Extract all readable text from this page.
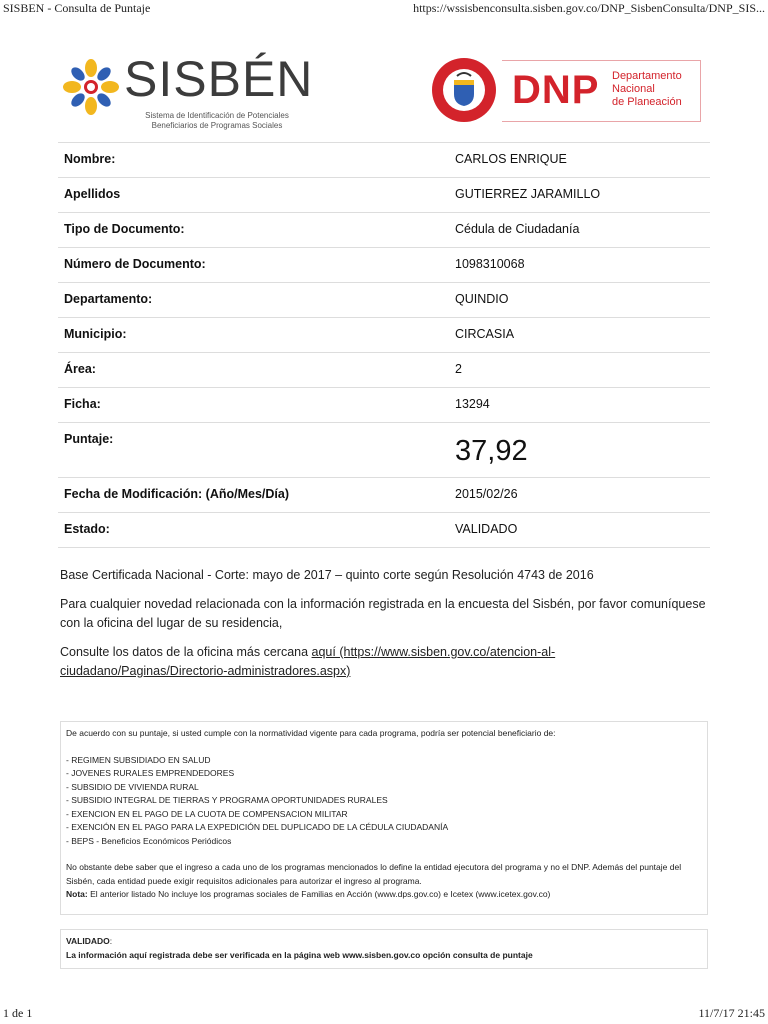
SISBEN - Consulta de Puntaje	https://wssisbenconsulta.sisben.gov.co/DNP_SisbenConsulta/DNP_SIS...
SISBÉN
Sistema de Identificación de Potenciales Beneficiarios de Programas Sociales
DNP Departamento
Nacional
de Planeación
Nombre:	CARLOS ENRIQUE
Apellidos	GUTIERREZ JARAMILLO
Tipo de Documento:	Cédula de Ciudadanía
Número de Documento:	1098310068
Departamento:	QUINDIO
Municipio:	CIRCASIA
Área:	2
Ficha:	13294
Puntaje:	37,92
Fecha de Modificación: (Año/Mes/Día)	2015/02/26
Estado:	VALIDADO
Base Certificada Nacional - Corte: mayo de 2017 – quinto corte según Resolución 4743 de 2016
Para cualquier novedad relacionada con la información registrada en la encuesta del Sisbén, por favor comuníquese con la oficina del lugar de su residencia,
Consulte los datos de la oficina más cercana aquí (https://www.sisben.gov.co/atencion-al-ciudadano/Paginas/Directorio-administradores.aspx)
De acuerdo con su puntaje, si usted cumple con la normatividad vigente para cada programa, podría ser potencial beneficiario de:
- REGIMEN SUBSIDIADO EN SALUD
- JOVENES RURALES EMPRENDEDORES
- SUBSIDIO DE VIVIENDA RURAL
- SUBSIDIO INTEGRAL DE TIERRAS Y PROGRAMA OPORTUNIDADES RURALES
- EXENCION EN EL PAGO DE LA CUOTA DE COMPENSACION MILITAR
- EXENCIÓN EN EL PAGO PARA LA EXPEDICIÓN DEL DUPLICADO DE LA CÉDULA CIUDADANÍA
- BEPS - Beneficios Económicos Periódicos
No obstante debe saber que el ingreso a cada uno de los programas mencionados lo define la entidad ejecutora del programa y no el DNP. Además del puntaje del Sisbén, cada entidad puede exigir requisitos adicionales para autorizar el ingreso al programa.
Nota: El anterior listado No incluye los programas sociales de Familias en Acción (www.dps.gov.co) e Icetex (www.icetex.gov.co)
VALIDADO:
La información aquí registrada debe ser verificada en la página web www.sisben.gov.co opción consulta de puntaje
1 de 1	11/7/17 21:45
